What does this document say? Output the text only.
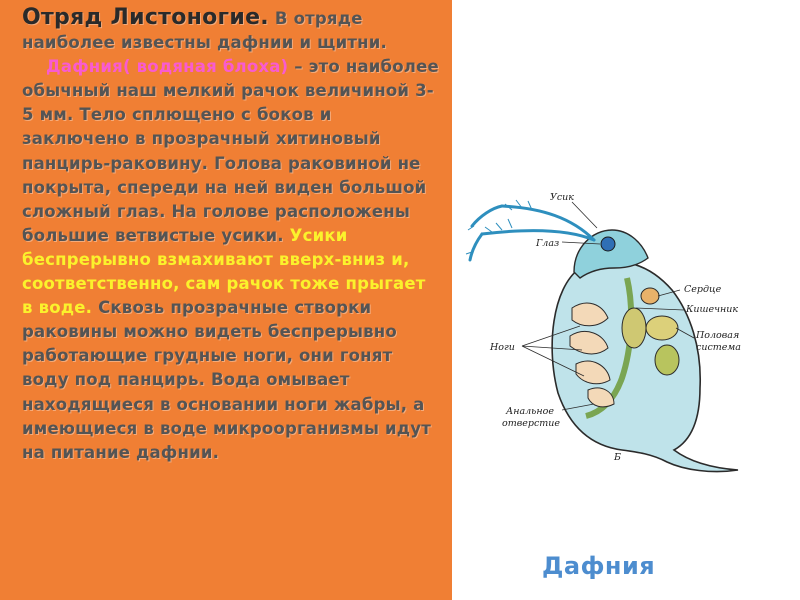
Отряд Листоногие. В отряде наиболее известны дафнии и щитни.
Дафния( водяная блоха) – это наиболее обычный наш мелкий рачок величиной 3-5 мм. Тело сплющено с боков и заключено в прозрачный хитиновый панцирь-раковину. Голова раковиной не покрыта, спереди на ней виден большой сложный глаз. На голове расположены большие ветвистые усики. Усики беспрерывно взмахивают вверх-вниз и, соответственно, сам рачок тоже прыгает в воде. Сквозь прозрачные створки раковины можно видеть беспрерывно работающие грудные ноги, они гонят воду под панцирь. Вода омывает находящиеся в основании ноги жабры, а имеющиеся в воде микроорганизмы идут на питание дафнии.
Усик
Глаз
Сердце
Кишечник
Половая
система
Ноги
Анальное
отверстие
Б
Дафния
